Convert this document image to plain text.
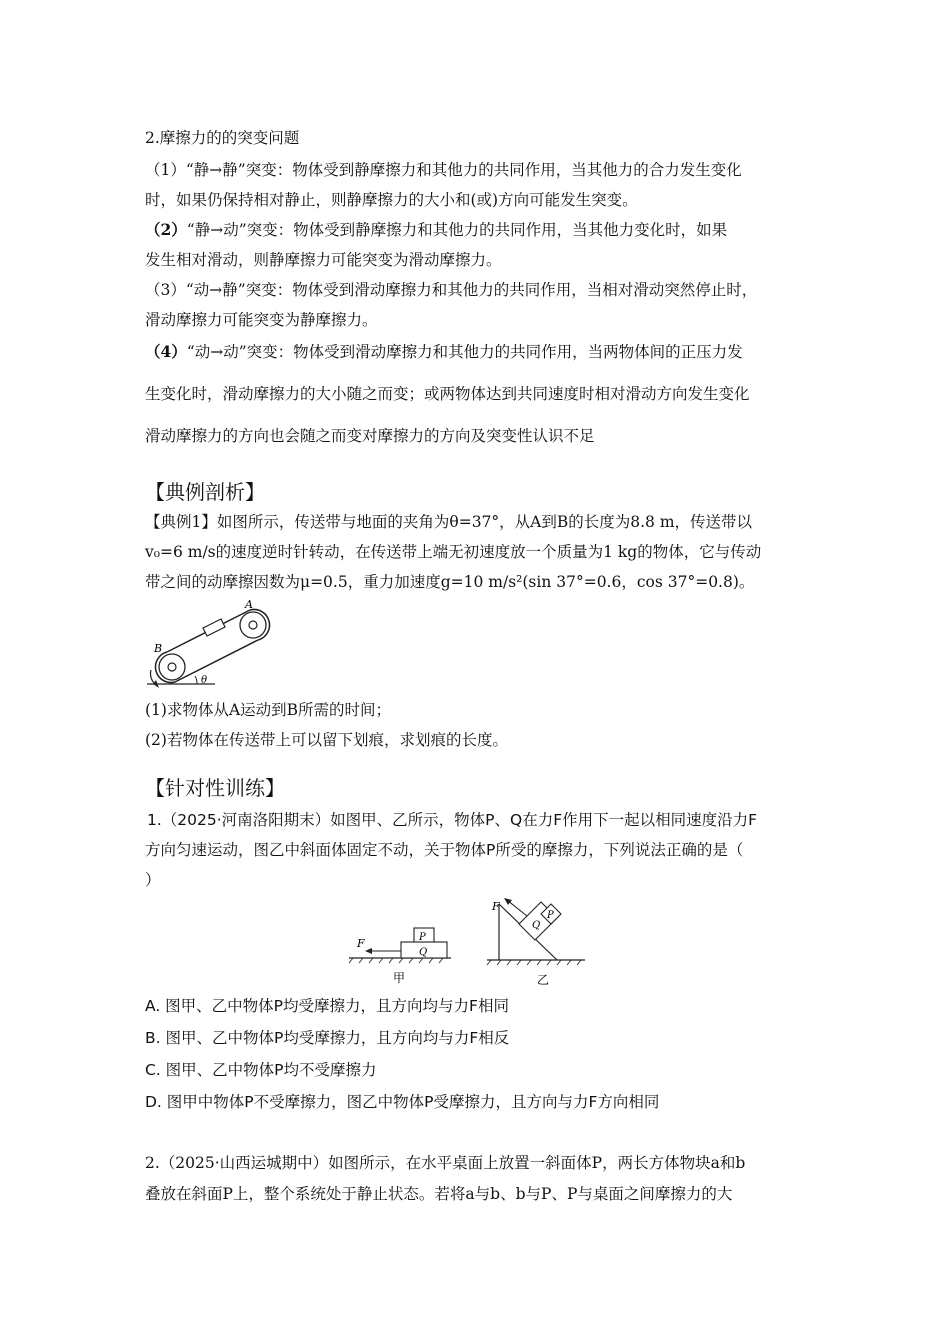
2.摩擦力的的突变问题
（1）“静→静”突变：物体受到静摩擦力和其他力的共同作用，当其他力的合力发生变化
时，如果仍保持相对静止，则静摩擦力的大小和(或)方向可能发生突变。
（2）“静→动”突变：物体受到静摩擦力和其他力的共同作用，当其他力变化时，如果
发生相对滑动，则静摩擦力可能突变为滑动摩擦力。
（3）“动→静”突变：物体受到滑动摩擦力和其他力的共同作用，当相对滑动突然停止时，
滑动摩擦力可能突变为静摩擦力。
（4）“动→动”突变：物体受到滑动摩擦力和其他力的共同作用，当两物体间的正压力发
生变化时，滑动摩擦力的大小随之而变；或两物体达到共同速度时相对滑动方向发生变化
滑动摩擦力的方向也会随之而变对摩擦力的方向及突变性认识不足
【典例剖析】
【典例1】如图所示，传送带与地面的夹角为θ=37°，从A到B的长度为8.8 m，传送带以
v₀=6 m/s的速度逆时针转动，在传送带上端无初速度放一个质量为1 kg的物体，它与传动
带之间的动摩擦因数为μ=0.5，重力加速度g=10 m/s²(sin 37°=0.6，cos 37°=0.8)。
θ
A
B
(1)求物体从A运动到B所需的时间；
(2)若物体在传送带上可以留下划痕，求划痕的长度。
【针对性训练】
1.（2025·河南洛阳期末）如图甲、乙所示，物体P、Q在力F作用下一起以相同速度沿力F
方向匀速运动，图乙中斜面体固定不动，关于物体P所受的摩擦力，下列说法正确的是（
）
F	P
Q
甲
F
P
Q
乙
A. 图甲、乙中物体P均受摩擦力，且方向均与力F相同
B. 图甲、乙中物体P均受摩擦力，且方向均与力F相反
C. 图甲、乙中物体P均不受摩擦力
D. 图甲中物体P不受摩擦力，图乙中物体P受摩擦力，且方向与力F方向相同
2.（2025·山西运城期中）如图所示，在水平桌面上放置一斜面体P，两长方体物块a和b
叠放在斜面P上，整个系统处于静止状态。若将a与b、b与P、P与桌面之间摩擦力的大
